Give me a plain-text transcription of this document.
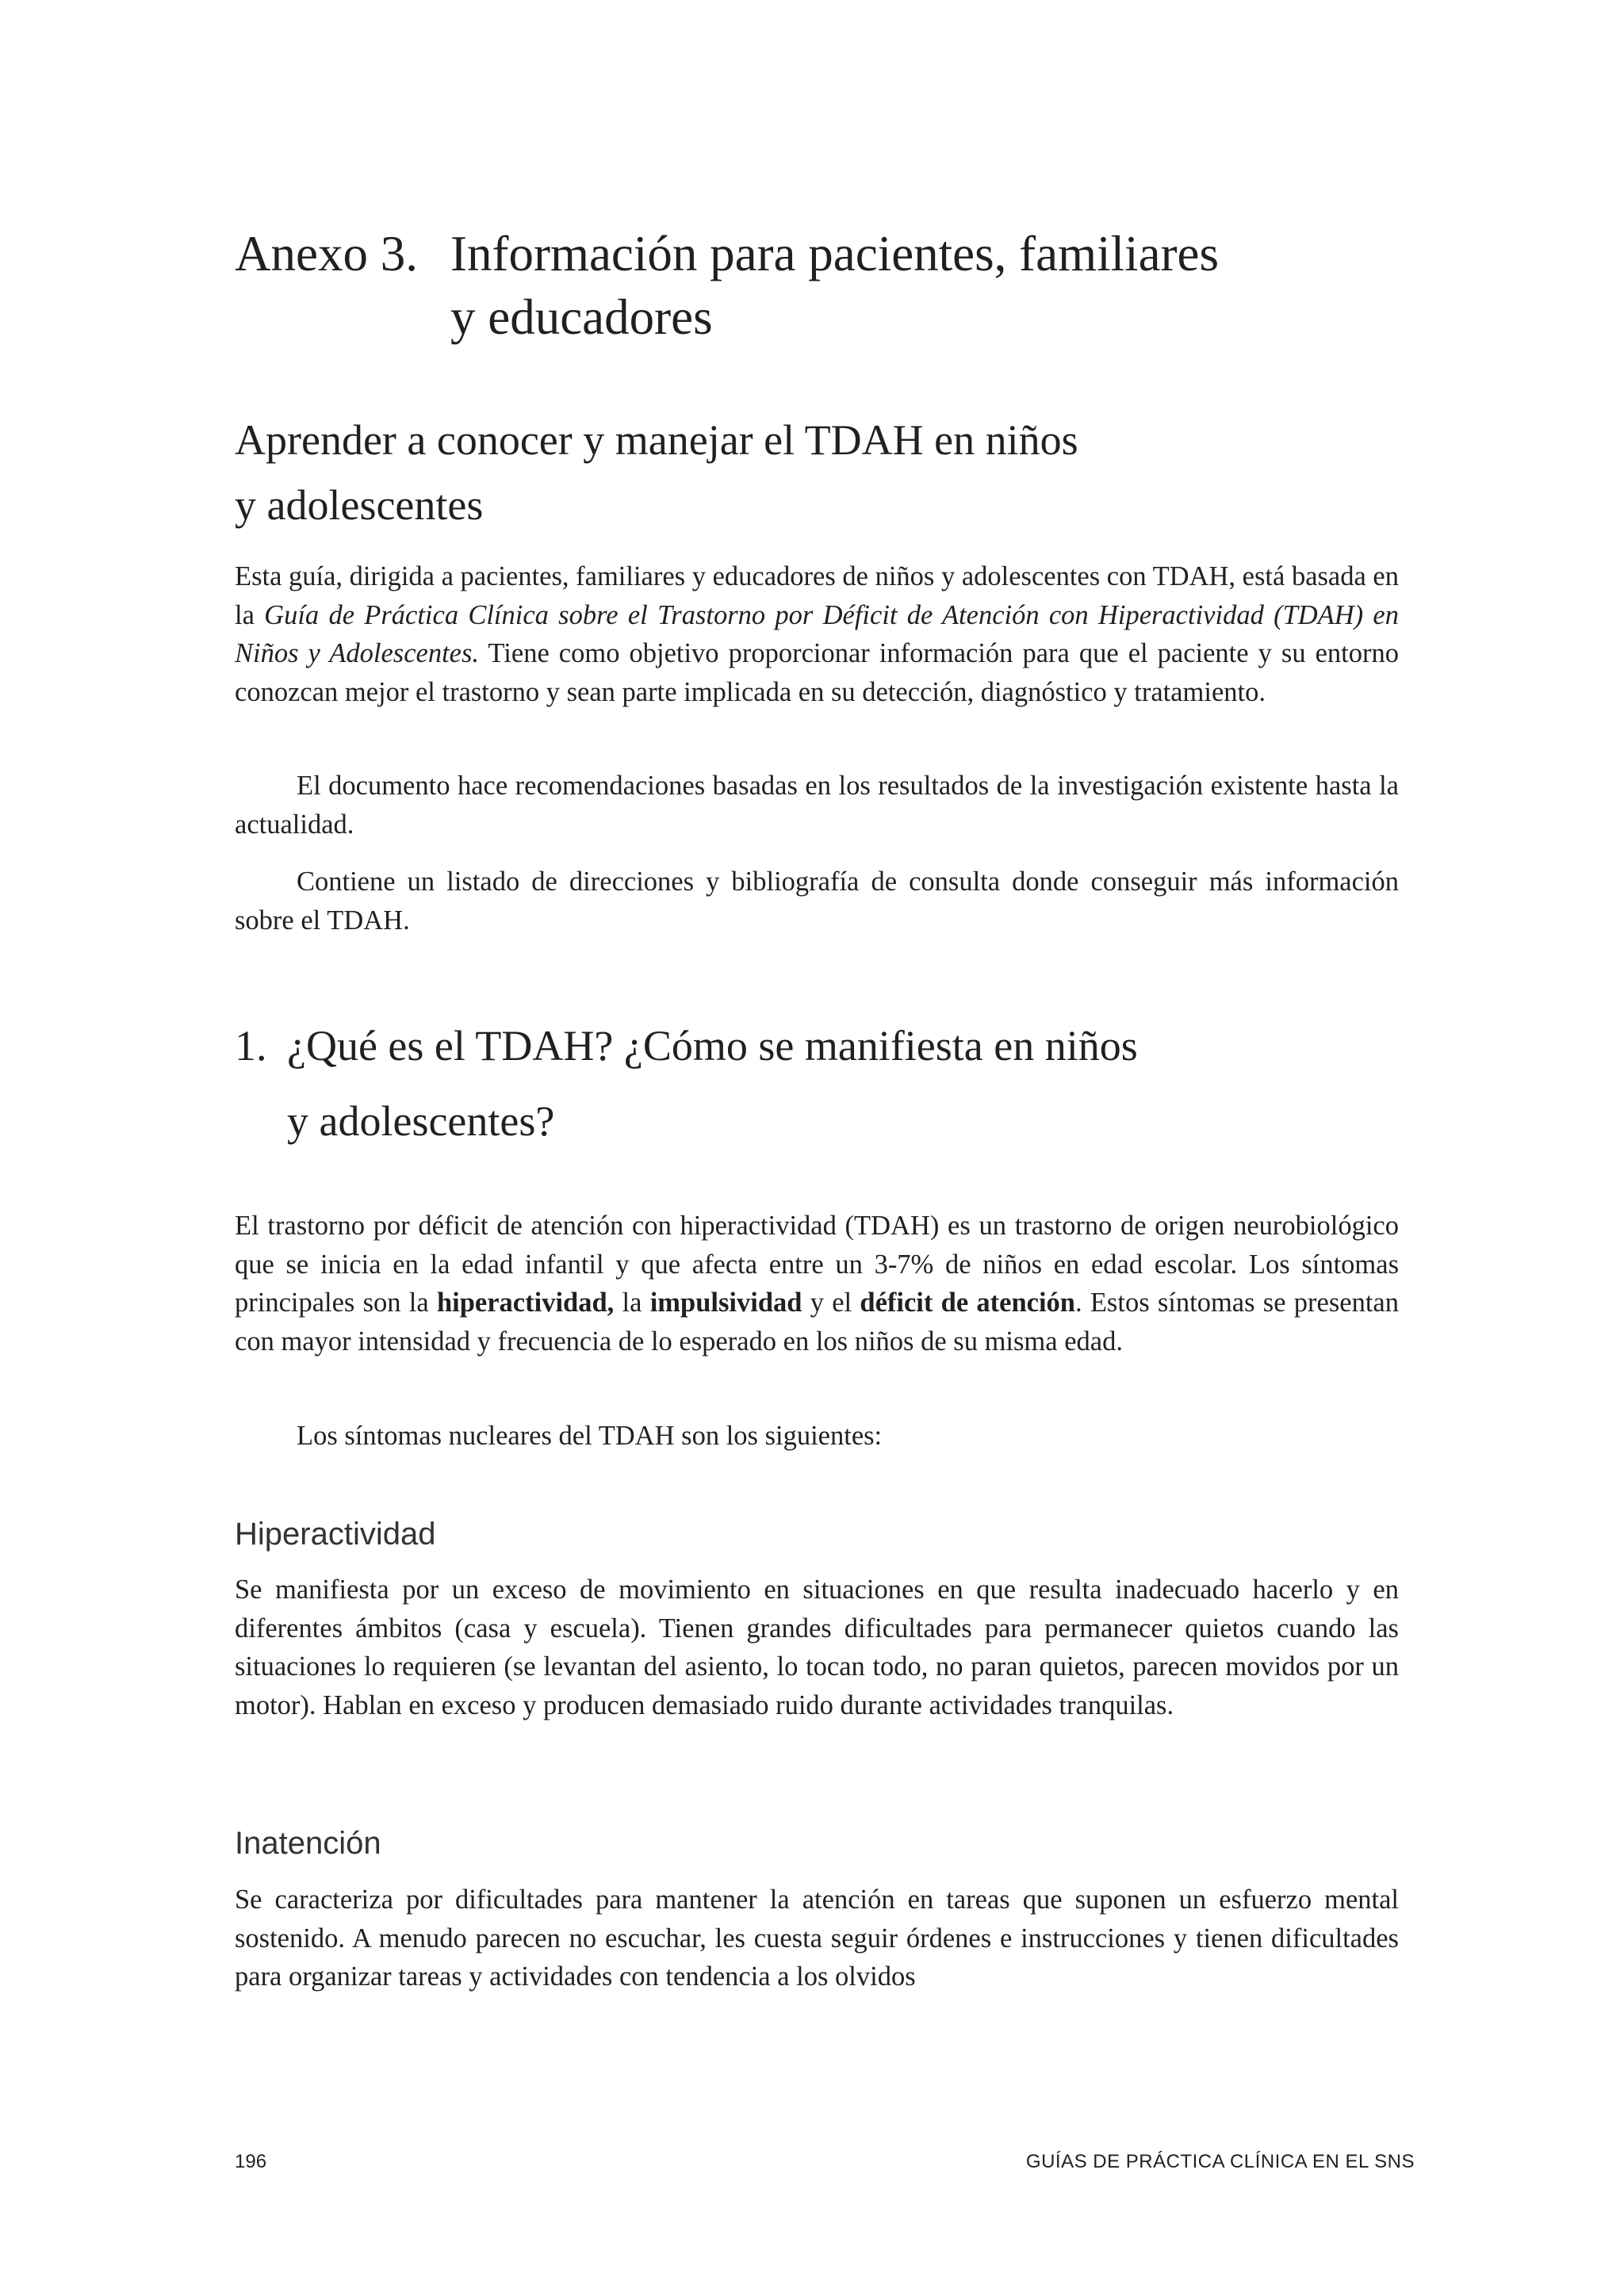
Anexo 3. Información para pacientes, familiares
y educadores
Aprender a conocer y manejar el TDAH en niños
y adolescentes

Esta guía, dirigida a pacientes, familiares y educadores de niños y adolescentes con TDAH, está basada en la Guía de Práctica Clínica sobre el Trastorno por Déficit de Atención con Hiperactividad (TDAH) en Niños y Adolescentes. Tiene como objetivo proporcionar información para que el paciente y su entorno conozcan mejor el trastorno y sean parte implicada en su detección, diagnóstico y tratamiento.

El documento hace recomendaciones basadas en los resultados de la investigación existente hasta la actualidad.

Contiene un listado de direcciones y bibliografía de consulta donde conseguir más información sobre el TDAH.

1. ¿Qué es el TDAH? ¿Cómo se manifiesta en niños
y adolescentes?

El trastorno por déficit de atención con hiperactividad (TDAH) es un trastorno de origen neurobiológico que se inicia en la edad infantil y que afecta entre un 3-7% de niños en edad escolar. Los síntomas principales son la hiperactividad, la impulsividad y el déficit de atención. Estos síntomas se presentan con mayor intensidad y frecuencia de lo esperado en los niños de su misma edad.

Los síntomas nucleares del TDAH son los siguientes:

Hiperactividad

Se manifiesta por un exceso de movimiento en situaciones en que resulta inadecuado hacerlo y en diferentes ámbitos (casa y escuela). Tienen grandes dificultades para permanecer quietos cuando las situaciones lo requieren (se levantan del asiento, lo tocan todo, no paran quietos, parecen movidos por un motor). Hablan en exceso y producen demasiado ruido durante actividades tranquilas.

Inatención

Se caracteriza por dificultades para mantener la atención en tareas que suponen un esfuerzo mental sostenido. A menudo parecen no escuchar, les cuesta seguir órdenes e instrucciones y tienen dificultades para organizar tareas y actividades con tendencia a los olvidos

196	GUÍAS DE PRÁCTICA CLÍNICA EN EL SNS
